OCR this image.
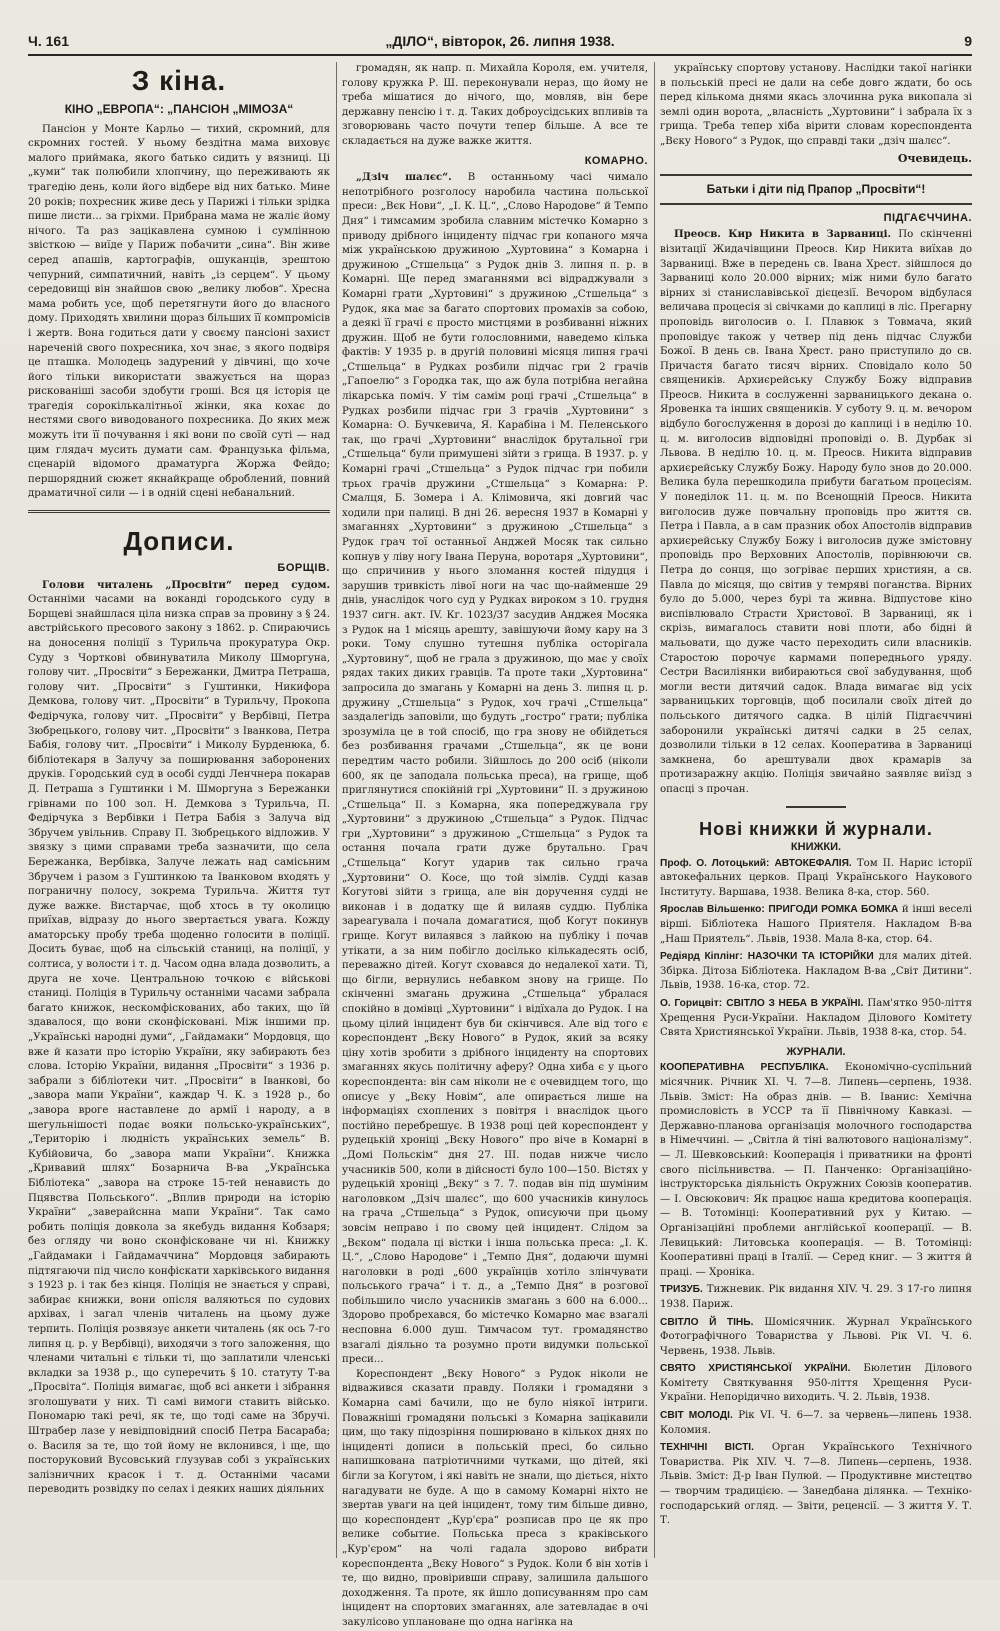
Ч. 161	„ДІЛО“, вівторок, 26. липня 1938.	9
З кіна.
КІНО „ЕВРОПА“: „ПАНСІОН „МІМОЗА“

Пансіон у Монте Карльо — тихий, скромний, для скромних гостей. У ньому бездітна мама виховує малого приймака, якого батько сидить у вязниці. Ці „куми“ так полюбили хлопчину, що переживають як трагедію день, коли його відбере від них батько. Мине 20 років; похресник живе десь у Парижі і тільки зрідка пише листи... за гріхми. Прибрана мама не жаліє йому нічого. Та раз зацікавлена сумною і сумлінною звісткою — виїде у Париж побачити „сина“. Він живе серед апашів, картографів, ошуканців, зрештою чепурний, симпатичний, навіть „із серцем“. У цьому середовищі він знайшов свою „велику любов“. Хресна мама робить усе, щоб перетягнути його до власного дому. Приходять хвилини щораз більших її компромісів і жертв. Вона годиться дати у своєму пансіоні захист нареченій свого похресника, хоч знає, з якого подвіря це пташка. Молодець задурений у дівчині, що хоче його тільки використати зважується на щораз рискованіші засоби здобути гроші. Вся ця історія це трагедія сорокількалітньої жінки, яка кохає до нестями свого виводованого похресника. До яких меж можуть іти її почування і які вони по своїй суті — над цим глядач мусить думати сам. Французька фільма, сценарій відомого драматурга Жоржа Фейдо; першорядний сюжет якнайкраще оброблений, повний драматичної сили — і в одній сцені небанальний.

Дописи.
БОРЩІВ.

Голови читалень „Просвіти“ перед судом. Останніми часами на вокандi городського суду в Борщеві знайшлася ціла низка справ за провину з § 24. австрійського пресового закону з 1862. р. Спираючись на доносення поліції з Турильча прокуратура Окр. Суду з Чорткові обвинуватила Миколу Шморгуна, голову чит. „Просвіти“ з Бережанки, Дмитра Петраша, голову чит. „Просвіти“ з Гуштинки, Никифора Демкова, голову чит. „Просвіти“ в Турильчу, Прокопа Федірчука, голову чит. „Просвіти“ у Вербівці, Петра Зюбрецького, голову чит. „Просвіти“ з Іванкова, Петра Бабія, голову чит. „Просвіти“ і Миколу Бурденюка, б. бібліотекаря в Залучу за поширювання заборонених друків. Городський суд в особі судді Ленчнера покарав Д. Петраша з Гуштинки і М. Шморгуна з Бережанки грівнами по 100 зол. Н. Демкова з Турильча, П. Федірчука з Вербівки і Петра Бабія з Залуча від Збручем увільнив. Справу П. Зюбрецького відложив. У звязку з цими справами треба зазначити, що села Бережанка, Вербівка, Залуче лежать над самісьним Збручем і разом з Гуштинкою та Іванковом входять у пограничну полосу, зокрема Турильча. Життя тут дуже важке. Вистарчає, щоб хтось в ту околицю приїхав, відразу до нього звертається увага. Кожду аматорську пробу треба щоденно голосити в поліції. Досить буває, щоб на сільській станиці, на поліції, у солтиса, у волости і т. д. Часом одна влада дозволить, а друга не хоче. Центральною точкою є військові станиці. Поліція в Турильчу останніми часами забрала багато книжок, нескомфіскованих, або таких, що їй здавалося, що вони сконфісковані. Між іншими пр. „Українські народні думи“, „Гайдамаки“ Мордовця, що вже й казати про історію України, яку забирають без слова. Історію України, видання „Просвіти“ з 1936 р. забрали з бібліотеки чит. „Просвіти“ в Іванкові, бо „завора мапи України“, каждар Ч. К. з 1928 р., бо „завора вроге наставлене до армії і народу, а в шегульнішості подає вояки польсько-українських“, „Територію і людність українських земель“ В. Кубійовича, бо „завора мапи України“. Книжка „Кривавий шлях“ Бозарнича В-ва „Українська Бібліотека“ „завора на строке 15-тей ненависть до Пцявства Польського“. „Вплив природи на історію України“ „заверайснна мапи України“. Так само робить поліція довкола за якебудь видання Кобзаря; без огляду чи воно сконфісковане чи ні. Книжку „Гайдамаки і Гайдамаччина“ Мордовця забирають підтягаючи під число конфіскати харківського видання з 1923 р. і так без кінця. Поліція не знається у справі, забирає книжки, вони опісля валяються по судових архівах, і загал членів читалень на цьому дуже терпить. Поліція розвязує анкети читалень (як ось 7-го липня ц. р. у Вербівці), виходячи з того заложення, що членами читальні є тільки ті, що заплатили членські вкладки за 1938 р., що суперечить § 10. статуту Т-ва „Просвіта“. Поліція вимагає, щоб всі анкети і зібрання зголошувати у них. Ті самі вимоги ставить військо. Пономарю такі речі, як те, що тоді саме на Збручі. Штрабер лазе у невідповідний спосіб Петра Басараба; о. Василя за те, що той йому не вклонився, і ще, що посторуковий Вусовський глузував собі з українських залізничних красок і т. д. Останніми часами переводить розвідку по селах і деяких наших діяльних

громадян, як напр. п. Михайла Короля, ем. учителя, голову кружка Р. Ш. переконували нераз, що йому не треба мішатися до нічого, що, мовляв, він бере державну пенсію і т. д. Таких доброусідських впливів та зговорювань часто почути тепер більше. А все те складається на дуже важке життя.

КОМАРНО.

„Дзіч шалєс“. В останньому часі чимало непотрібного розголосу наробила частина польської преси: „Вєк Нови“, „І. К. Ц.“, „Слово Народове“ й Темпо Дня“ і тимсамим зробила славним містечко Комарно з приводу дрібного інциденту підчас гри копаного мяча між українською дружиною „Хуртовина“ з Комарна і дружиною „Стшельца“ з Рудок днів 3. липня п. р. в Комарні. Ще перед змаганнями всі відраджували з Комарні грати „Хуртовині“ з дружиною „Стшельца“ з Рудок, яка має за багато спортових промахів за собою, а деякі її грачі є просто мистцями в розбиванні ніжних дружин. Щоб не бути голословними, наведемо кілька фактів: У 1935 р. в другій половині місяця липня грачі „Стшельца“ в Рудках розбили підчас гри 2 грачів „Гапоелю“ з Городка так, що аж була потрібна негайна лікарська поміч. У тім самім році грачі „Стшельца“ в Рудках розбили підчас гри 3 грачів „Хуртовини“ з Комарна: О. Бучкевича, Я. Карабіна і М. Пеленського так, що грачі „Хуртовини“ внаслідок брутальної гри „Стшельца“ були примушені зійти з грища. В 1937. р. у Комарні грачі „Стшельца“ з Рудок підчас гри побили трьох грачів дружини „Стшельца“ з Комарна: Р. Смалця, Б. Зомера і А. Клімовича, які довгий час ходили при палиці. В днi 26. вересня 1937 в Комарні у змаганнях „Хуртовини“ з дружиною „Стшельца“ з Рудок грач тої останньої Анджей Мосяк так сильно копнув у ліву ногу Івана Перуна, воротаря „Хуртовини“, що спричинив у нього зломання костей підудця і зарушив тривкість лівої ноги на час що-найменше 29 днів, унаслідок чого суд у Рудках вироком з 10. грудня 1937 сигн. акт. IV. Кг. 1023/37 засудив Анджея Мосяка з Рудок на 1 місяць арешту, завішуючи йому кару на 3 роки. Тому слушно тутешня публіка осторігала „Хуртовину“, щоб не грала з дружиною, що має у своїх рядах таких диких гравців. Та проте таки „Хуртовина“ запросила до змагань у Комарні на день 3. липня ц. р. дружину „Стшельца“ з Рудок, хоч грачі „Стшельца“ заздалегідь заповіли, що будуть „гостро“ грати; публіка зрозуміла це в той спосіб, що гра знову не обійдеться без розбивання грачами „Стшельца“, як це вони передтим часто робили. Зійшлось до 200 осіб (ніколи 600, як це заподала польська преса), на грище, щоб приглянутися спокійній грі „Хуртовини“ II. з дружиною „Стшельца“ II. з Комарна, яка попереджувала гру „Хуртовини“ з дружиною „Стшельца“ з Рудок. Підчас гри „Хуртовини“ з дружиною „Стшельца“ з Рудок та остання почала грати дуже брутально. Грач „Стшельца“ Когут ударив так сильно грача „Хуртовини“ О. Косе, що той зімлів. Судді казав Когутові зійти з грища, але він доручення судді не виконав і в додатку ще й вилаяв суддю. Публіка зареагувала і почала домагатися, щоб Когут покинув грище. Когут вилаявся з лайкою на публіку і почав утікати, а за ним побігло досілько кількадесять осіб, переважно дітей. Когут сховався до недалекої хати. Ті, що бігли, вернулись небавком знову на грище. По скінченні змагань дружина „Стшельца“ убралася спокійно в домівці „Хуртовини“ і відїхала до Рудок. І на цьому цілий інцидент був би скінчився. Але від того є кореспондент „Вєку Нового“ в Рудок, який за всяку ціну хотів зробити з дрібного інциденту на спортових змаганнях якусь політичну аферу? Одна хиба є у цього кореспондента: він сам ніколи не є очевидцем того, що описує у „Вєку Новім“, але опирається лише на інформаціях схоплених з повітря і внаслідок цього постійно перебрешує. В 1938 році цей кореспондент у рудецькій хроніці „Вєку Нового“ про віче в Комарні в „Домі Польскім“ дня 27. III. подав нижче число учасників 500, коли в дійсності було 100—150. Вістях у рудецькій хроніці „Вєку“ з 7. 7. подав він під шуміним наголовком „Дзіч шалєс“, що 600 учасників кинулось на грача „Стшельца“ з Рудок, описуючи при цьому зовсім неправо і по свому цей інцидент. Слідом за „Вєком“ подала ці вістки і інша польська преса: „І. К. Ц.“, „Слово Народове“ і „Темпо Дня“, додаючи шумні наголовки в роді „600 українців хотіло злінчувати польського грача“ і т. д., а „Темпо Дня“ в розгової побільшило число учасників змагань з 600 на 6.000... Здорово пробрехався, бо містечко Комарно має взагалі несповна 6.000 душ. Тимчасом тут. громадянство взагалі діяльно та розумно проти видумки польської преси...

Кореспондент „Вєку Нового“ з Рудок ніколи не відважився сказати правду. Поляки і громадяни з Комарна самі бачили, що не було ніякої інтриги. Поважніші громадяни польські з Комарна зацікавили цим, що таку підозріння поширювано в кількох днях по інциденті дописи в польській пресі, бо сильно напишкована патріотичними чутками, що дітей, які бігли за Когутом, і які навіть не знали, що діється, ніхто нагадувати не буде. А що в самому Комарні ніхто не звертав уваги на цей інцидент, тому тим більше дивно, що кореспондент „Кур'єра“ розписав про це як про велике событие. Польська преса з краківського „Кур'єром“ на чолі гадала здорово вибрати кореспондента „Вєку Нового“ з Рудок. Коли б він хотів і те, що видно, провіривши справу, залишила дальшого доходження. Та проте, як йшло дописуванням про сам інцидент на спортових змаганнях, але затевладає в очі закулісово уплановане що одна нагінка на

українську спортову установу. Наслідки такої нагінки в польській пресі не дали на себе довго ждати, бо ось перед кількома днями якась злочинна рука викопала зі землі один ворота, „власність „Хуртовини“ і забрала їх з грища. Треба тепер хіба вірити словам кореспондента „Вєку Нового“ з Рудок, що справді таки „дзіч шалєс“.

Очевидець.
Батьки і діти під Прапор „Просвіти“!
ПІДГАЄЧЧИНА.

Преосв. Кир Никита в Зарваниці. По скінченні візитації Жидачівщини Преосв. Кир Никита виїхав до Зарваниці. Вже в передень св. Івана Хрест. зійшлося до Зарваниці коло 20.000 вірних; між ними було багато вірних зі станиславівської дієцезії. Вечором відбулася величава процесія зі свічками до каплиці в ліс. Прегарну проповідь виголосив о. І. Плавюк з Товмача, який проповідує також у четвер під день підчас Служби Божої. В день св. Івана Хрест. рано приступило до св. Причастя багато тисяч вірних. Сповідало коло 50 священиків. Архиєрейську Службу Божу відправив Преосв. Никита в сослуженні зарваницького декана о. Яровенка та інших священиків. У суботу 9. ц. м. вечором відбуло богослуження в дорозі до каплиці і в неділю 10. ц. м. виголосив відповідні проповіді о. В. Дурбак зі Львова. В неділю 10. ц. м. Преосв. Никита відправив архиєрейську Службу Божу. Народу було знов до 20.000. Велика була перешкодила прибути багатьом процесіям. У понеділок 11. ц. м. по Всенощній Преосв. Никита виголосив дуже повчальну проповідь про життя св. Петра і Павла, а в сам празник обох Апостолів відправив архиєрейську Службу Божу і виголосив дуже змістовну проповідь про Верховних Апостолів, порівнюючи св. Петра до сонця, що зогріває перших християн, а св. Павла до місяця, що світив у темряві поганства. Вірних було до 5.000, через бурі та живна. Відпустове кіно виспівлювало Страсти Христової. В Зарваниці, як і скрізь, вимагалось ставити нові плоти, або бідні й мальовати, що дуже часто переходить сили власників. Старостою порочує кармами попереднього уряду. Сестри Василіянки вибираються свої забудування, щоб могли вести дитячий садок. Влада вимагає від усіх зарваницьких торговців, щоб посилали своїх дітей до польського дитячого садка. В цілій Підгаєччині заборонили українські дитячі садки в 25 селах, дозволили тільки в 12 селах. Кооператива в Зарваниці замкнена, бо арештували двох крамарів за протизаражну акцію. Поліція звичайно заявляє виїзд з опасці з прочан.

Нові книжки й журнали.
КНИЖКИ.

Проф. О. Лотоцький: АВТОКЕФАЛІЯ. Том II. Нарис історії автокефальних церков. Праці Українського Наукового Інституту. Варшава, 1938. Велика 8-ка, стор. 560.

Ярослав Вільшенко: ПРИГОДИ РОМКА БОМКА й інші веселі вірші. Бібліотека Нашого Приятеля. Накладом В-ва „Наш Приятель“. Львів, 1938. Мала 8-ка, стор. 64.

Редіярд Кіплінг: НАЗОЧКИ ТА ІСТОРІЙКИ для малих дітей. Збірка. Дітоза Бібліотека. Накладом В-ва „Світ Дитини“. Львів, 1938. 16-ка, стор. 72.

О. Горицвіт: СВІТЛО З НЕБА В УКРАЇНІ. Пам'ятко 950-ліття Хрещення Руси-України. Накладом Ділового Комітету Свята Християнської України. Львів, 1938 8-ка, стор. 54.

ЖУРНАЛИ.

КООПЕРАТИВНА РЕСПУБЛІКА. Економічно-суспільний місячник. Річник XI. Ч. 7—8. Липень—серпень, 1938. Львів. Зміст: На образ днів. — В. Іванис: Хемічна промисловість в УССР та її Північному Кавказі. — Державно-планова організація молочного господарства в Німеччині. — „Світла й тіні валютового націоналізму“. — Л. Шевковський: Кооперація і приватники на фронті свого пісільнивства. — П. Панченко: Організаційно-інструкторська діяльність Окружних Союзів кооператив. — І. Овсюкович: Як працює наша кредитова кооперація. — В. Тотомінці: Кооперативний рух у Китаю. — Організаційні проблеми англійської кооперації. — В. Левицький: Литовська кооперація. — В. Тотомінці: Кооперативні праці в Італії. — Серед книг. — З життя й праці. — Хроніка.

ТРИЗУБ. Тижневик. Рік видання XIV. Ч. 29. З 17-го липня 1938. Париж.

СВІТЛО Й ТІНЬ. Шомісячник. Журнал Українського Фотографічного Товариства у Львові. Рік VI. Ч. 6. Червень, 1938. Львів.

СВЯТО ХРИСТІЯНСЬКОЇ УКРАЇНИ. Бюлетин Ділового Комітету Святкування 950-ліття Хрещення Руси-України. Непорідично виходить. Ч. 2. Львів, 1938.

СВІТ МОЛОДІ. Рік VI. Ч. 6—7. за червень—липень 1938. Коломия.

ТЕХНІЧНІ ВІСТІ. Орган Українського Технічного Товариства. Рік XIV. Ч. 7—8. Липень—серпень, 1938. Львів. Зміст: Д-р Іван Пулюй. — Продуктивне мистецтво — творчим традицією. — Занедбана ділянка. — Техніко-господарський огляд. — Звіти, реценсії. — З життя У. Т. Т.
